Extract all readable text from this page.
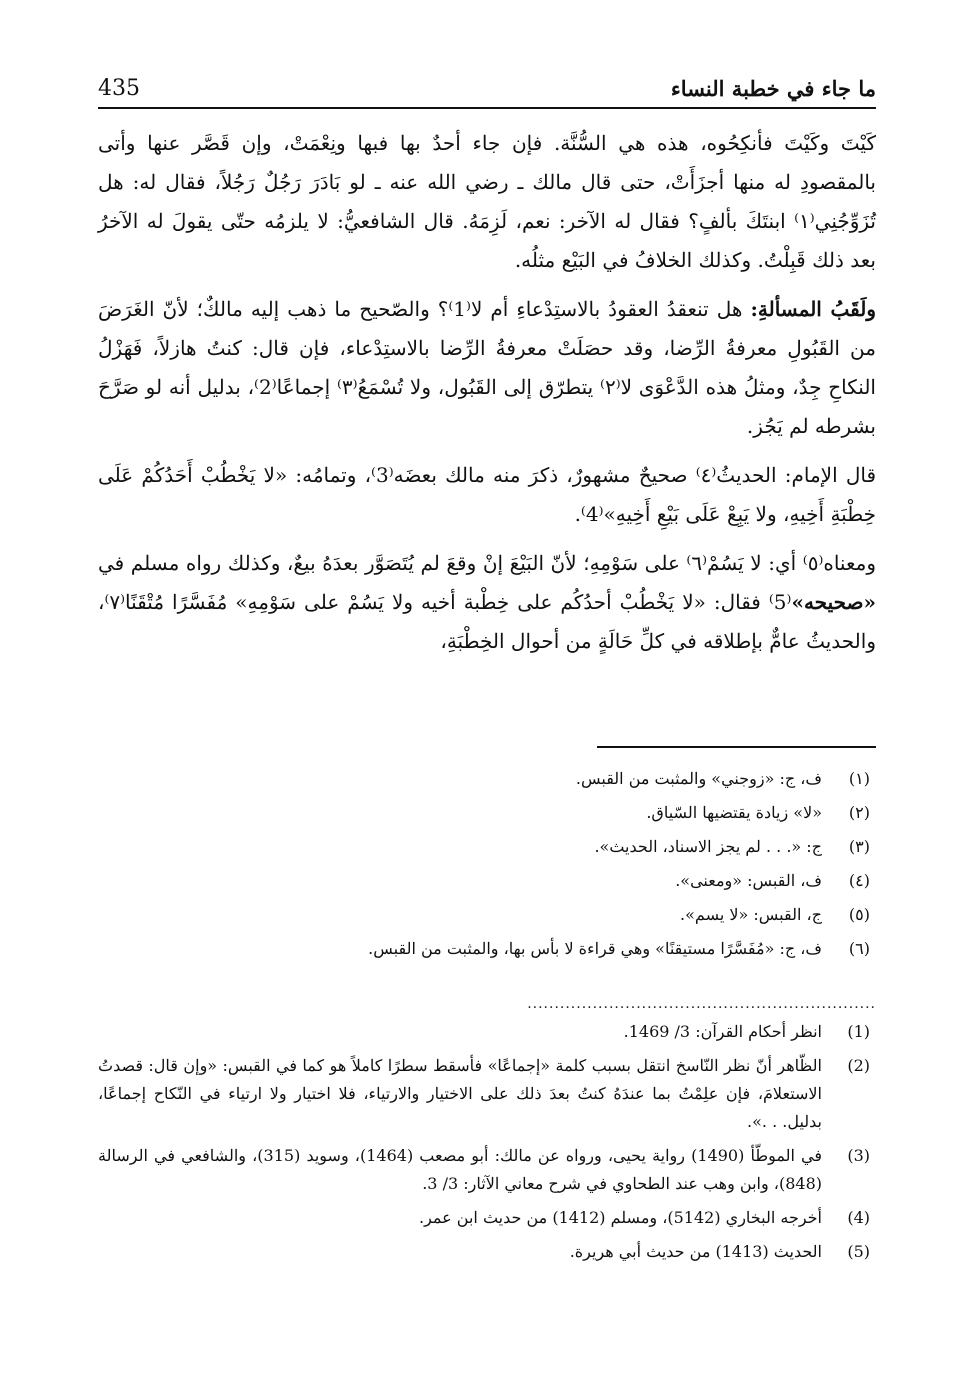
ما جاء في خطبة النساء
435

كَيْتَ وكَيْتَ فأنكِحُوه، هذه هي السُّنَّة. فإن جاء أحدٌ بها فبها ونِعْمَتْ، وإن قَصَّر عنها وأتى بالمقصودِ له منها أجزَأَتْ، حتى قال مالك ـ رضي الله عنه ـ لو بَادَرَ رَجُلٌ رَجُلاً، فقال له: هل تُزَوِّجُنِي⁽١⁾ ابنتَكَ بألفٍ؟ فقال له الآخر: نعم، لَزِمَهُ. قال الشافعيُّ: لا يلزمُه حتّى يقولَ له الآخرُ بعد ذلك قَبِلْتُ. وكذلك الخلافُ في البَيْع مثلُه.

ولَقَبُ المسألةِ: هل تنعقدُ العقودُ بالاستِدْعاءِ أم لا⁽1⁾؟ والصّحيح ما ذهب إليه مالكٌ؛ لأنّ الغَرَضَ من القَبُولِ معرفةُ الرِّضا، وقد حصَلَتْ معرفةُ الرِّضا بالاستِدْعاء، فإن قال: كنتُ هازلاً، فَهَزْلُ النكاحِ جِدٌ، ومثلُ هذه الدَّعْوَى لا⁽٢⁾ يتطرّق إلى القَبُول، ولا تُسْمَعُ⁽٣⁾ إجماعًا⁽2⁾، بدليل أنه لو صَرَّحَ بشرطه لم يَجُز.

قال الإمام: الحديثُ⁽٤⁾ صحيحٌ مشهورٌ، ذكرَ منه مالك بعضَه⁽3⁾، وتمامُه: «لا يَخْطُبْ أَحَدُكُمْ عَلَى خِطْبَةِ أَخِيهِ، ولا يَبِعْ عَلَى بَيْعِ أَخِيهِ»⁽4⁾.

ومعناه⁽٥⁾ أي: لا يَسُمْ⁽٦⁾ على سَوْمِهِ؛ لأنّ البَيْعَ إنْ وقعَ لم يُتَصَوَّر بعدَهُ بيعٌ، وكذلك رواه مسلم في «صحيحه»⁽5⁾ فقال: «لا يَخْطُبْ أحدُكُم على خِطْبة أخيه ولا يَسُمْ على سَوْمِهِ» مُفَسَّرًا مُتْقَنًا⁽٧⁾، والحديثُ عامٌّ بإطلاقه في كلِّ حَالَةٍ من أحوال الخِطْبَةِ،

(١)
ف، ج: «زوجني» والمثبت من القبس.
(٢)
«لا» زيادة يقتضيها السّياق.
(٣)
ج: «. . . لم يجز الاسناد، الحديث».
(٤)
ف، القبس: «ومعنى».
(٥)
ج، القبس: «لا يسم».
(٦)
ف، ج: «مُفَسَّرًا مستيقنًا» وهي قراءة لا بأس بها، والمثبت من القبس.
................................................................
(1)
انظر أحكام القرآن: 3/ 1469.
(2)
الظّاهر أنّ نظر النّاسخ انتقل بسبب كلمة «إجماعًا» فأسقط سطرًا كاملاً هو كما في القبس: «وإن قال: قصدتُ الاستعلامَ، فإن علِمْتُ بما عندَهُ كنتُ بعدَ ذلك على الاختيار والارتياء، فلا اختيار ولا ارتياء في النّكاح إجماعًا، بدليل. . .».
(3)
في الموطّأ (1490) رواية يحيى، ورواه عن مالك: أبو مصعب (1464)، وسويد (315)، والشافعي في الرسالة (848)، وابن وهب عند الطحاوي في شرح معاني الآثار: 3/ 3.
(4)
أخرجه البخاري (5142)، ومسلم (1412) من حديث ابن عمر.
(5)
الحديث (1413) من حديث أبي هريرة.
